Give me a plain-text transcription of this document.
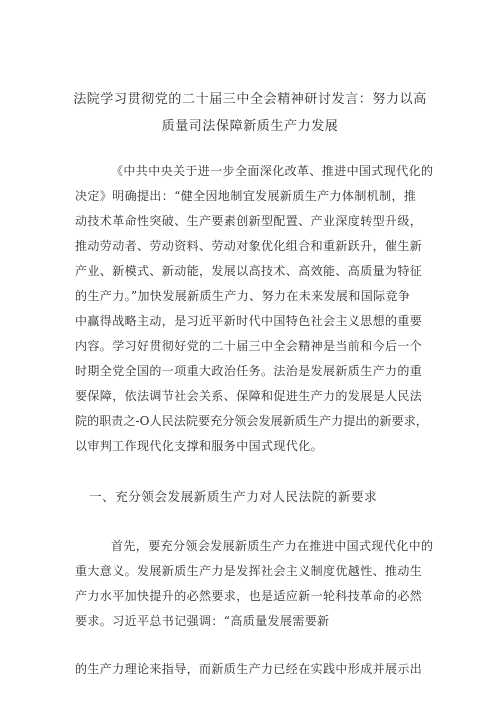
法院学习贯彻党的二十届三中全会精神研讨发言：努力以高
质量司法保障新质生产力发展
《中共中央关于进一步全面深化改革、推进中国式现代化的
决定》明确提出：“健全因地制宜发展新质生产力体制机制，推
动技术革命性突破、生产要素创新型配置、产业深度转型升级，
推动劳动者、劳动资料、劳动对象优化组合和重新跃升，催生新
产业、新模式、新动能，发展以高技术、高效能、高质量为特征
的生产力。”加快发展新质生产力、努力在未来发展和国际竞争
中赢得战略主动，是习近平新时代中国特色社会主义思想的重要
内容。学习好贯彻好党的二十届三中全会精神是当前和今后一个
时期全党全国的一项重大政治任务。法治是发展新质生产力的重
要保障，依法调节社会关系、保障和促进生产力的发展是人民法
院的职责之-O人民法院要充分领会发展新质生产力提出的新要求，
以审判工作现代化支撑和服务中国式现代化。
一、充分领会发展新质生产力对人民法院的新要求
首先，要充分领会发展新质生产力在推进中国式现代化中的
重大意义。发展新质生产力是发挥社会主义制度优越性、推动生
产力水平加快提升的必然要求，也是适应新一轮科技革命的必然
要求。习近平总书记强调：“高质量发展需要新
的生产力理论来指导，而新质生产力已经在实践中形成并展示出
